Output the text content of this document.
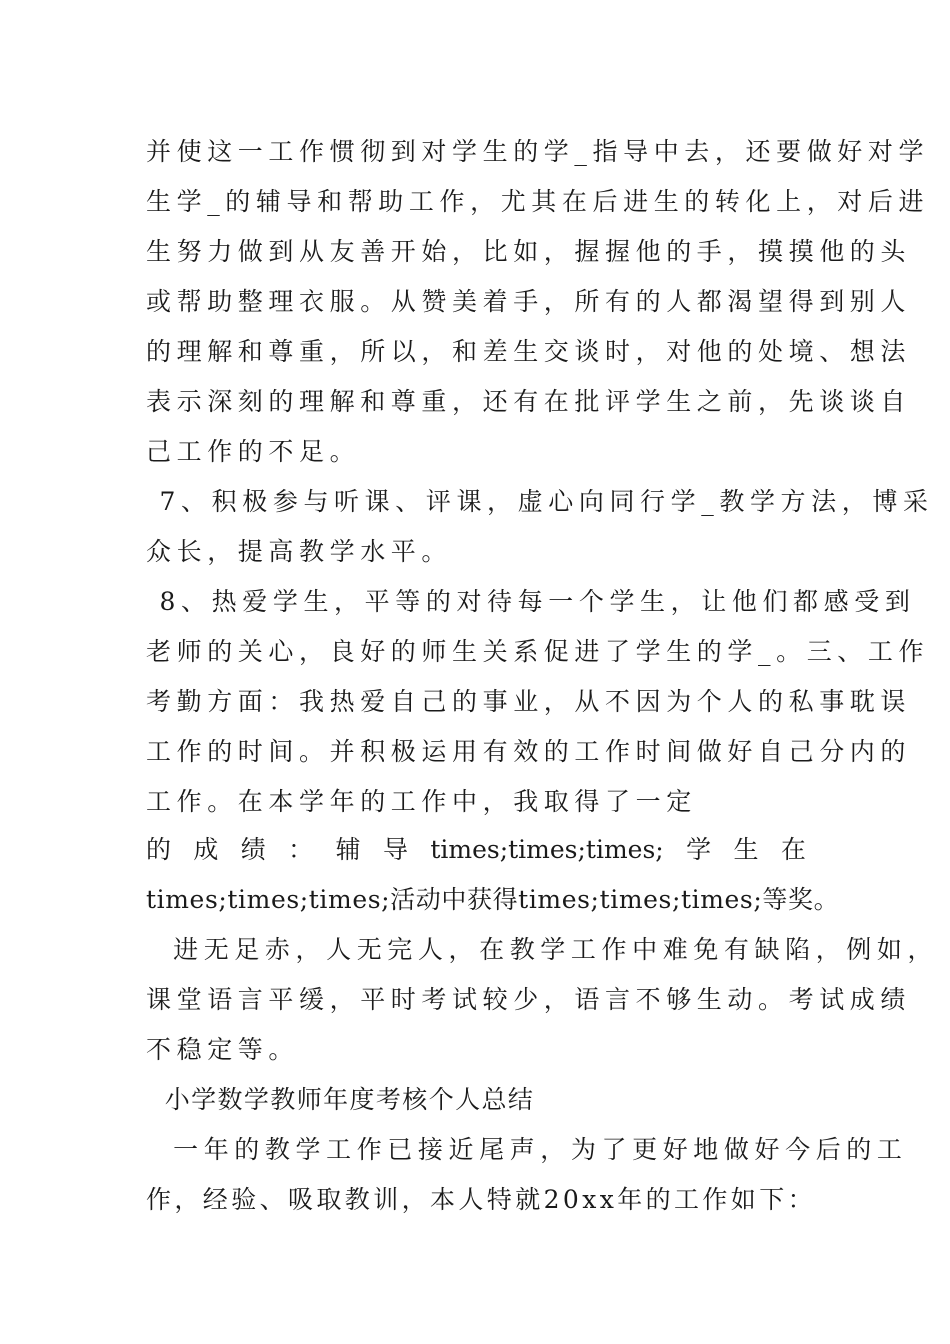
并使这一工作惯彻到对学生的学_指导中去，还要做好对学
生学_的辅导和帮助工作，尤其在后进生的转化上，对后进
生努力做到从友善开始，比如，握握他的手，摸摸他的头
或帮助整理衣服。从赞美着手，所有的人都渴望得到别人
的理解和尊重，所以，和差生交谈时，对他的处境、想法
表示深刻的理解和尊重，还有在批评学生之前，先谈谈自
己工作的不足。
7、积极参与听课、评课，虚心向同行学_教学方法，博采
众长，提高教学水平。
8、热爱学生，平等的对待每一个学生，让他们都感受到
老师的关心，良好的师生关系促进了学生的学_。三、工作
考勤方面：我热爱自己的事业，从不因为个人的私事耽误
工作的时间。并积极运用有效的工作时间做好自己分内的
工作。在本学年的工作中，我取得了一定
的 成 绩 ： 辅 导 times;times;times; 学 生 在
times;times;times;活动中获得times;times;times;等奖。
进无足赤，人无完人，在教学工作中难免有缺陷，例如，
课堂语言平缓，平时考试较少，语言不够生动。考试成绩
不稳定等。
小学数学教师年度考核个人总结
一年的教学工作已接近尾声，为了更好地做好今后的工
作，经验、吸取教训，本人特就20xx年的工作如下：
